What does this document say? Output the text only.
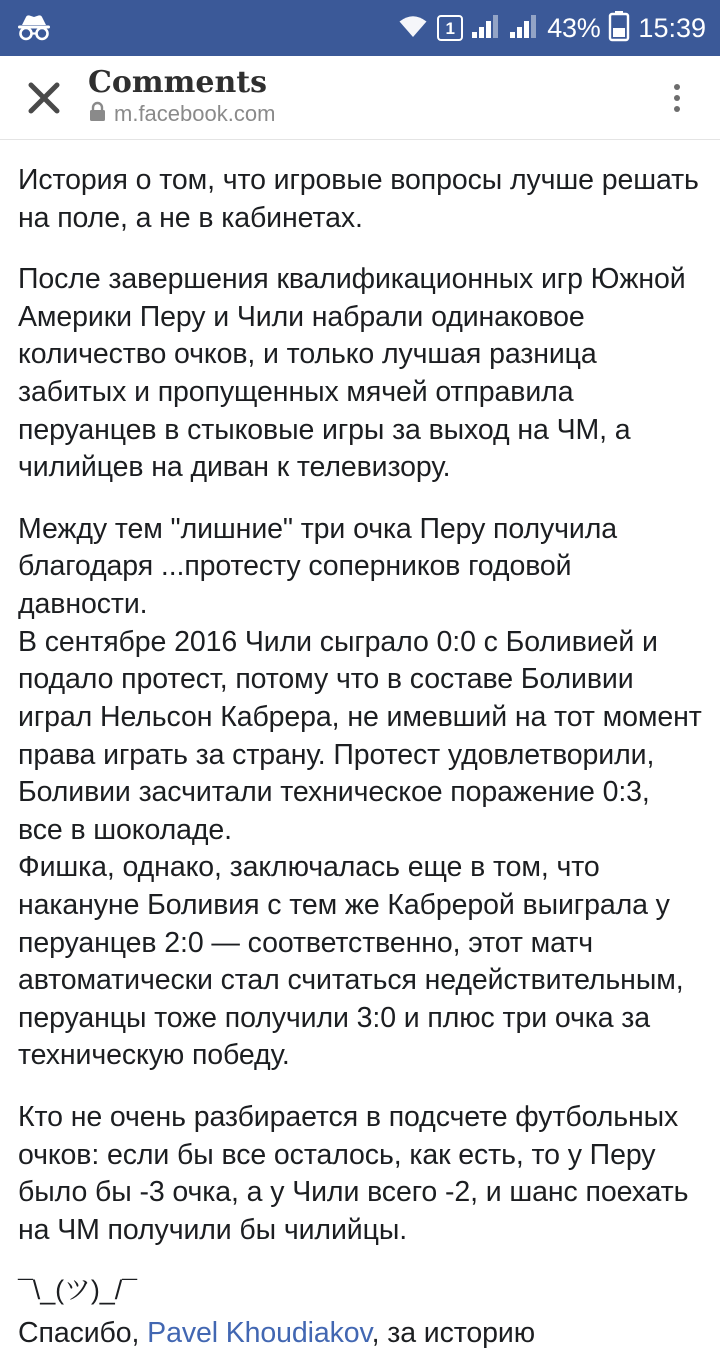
1	43% 15:39
Comments
m.facebook.com

История о том, что игровые вопросы лучше решать на поле, а не в кабинетах.

После завершения квалификационных игр Южной Америки Перу и Чили набрали одинаковое количество очков, и только лучшая разница забитых и пропущенных мячей отправила перуанцев в стыковые игры за выход на ЧМ, а чилийцев на диван к телевизору.

Между тем "лишние" три очка Перу получила благодаря ...протесту соперников годовой давности.

В сентябре 2016 Чили сыграло 0:0 с Боливией и подало протест, потому что в составе Боливии играл Нельсон Кабрера, не имевший на тот момент права играть за страну. Протест удовлетворили, Боливии засчитали техническое поражение 0:3, все в шоколаде.

Фишка, однако, заключалась еще в том, что накануне Боливия с тем же Кабрерой выиграла у перуанцев 2:0 — соответственно, этот матч автоматически стал считаться недействительным, перуанцы тоже получили 3:0 и плюс три очка за техническую победу.

Кто не очень разбирается в подсчете футбольных очков: если бы все осталось, как есть, то у Перу было бы -3 очка, а у Чили всего -2, и шанс поехать на ЧМ получили бы чилийцы.

¯\_(ツ)_/¯

Спасибо, Pavel Khoudiakov, за историю
